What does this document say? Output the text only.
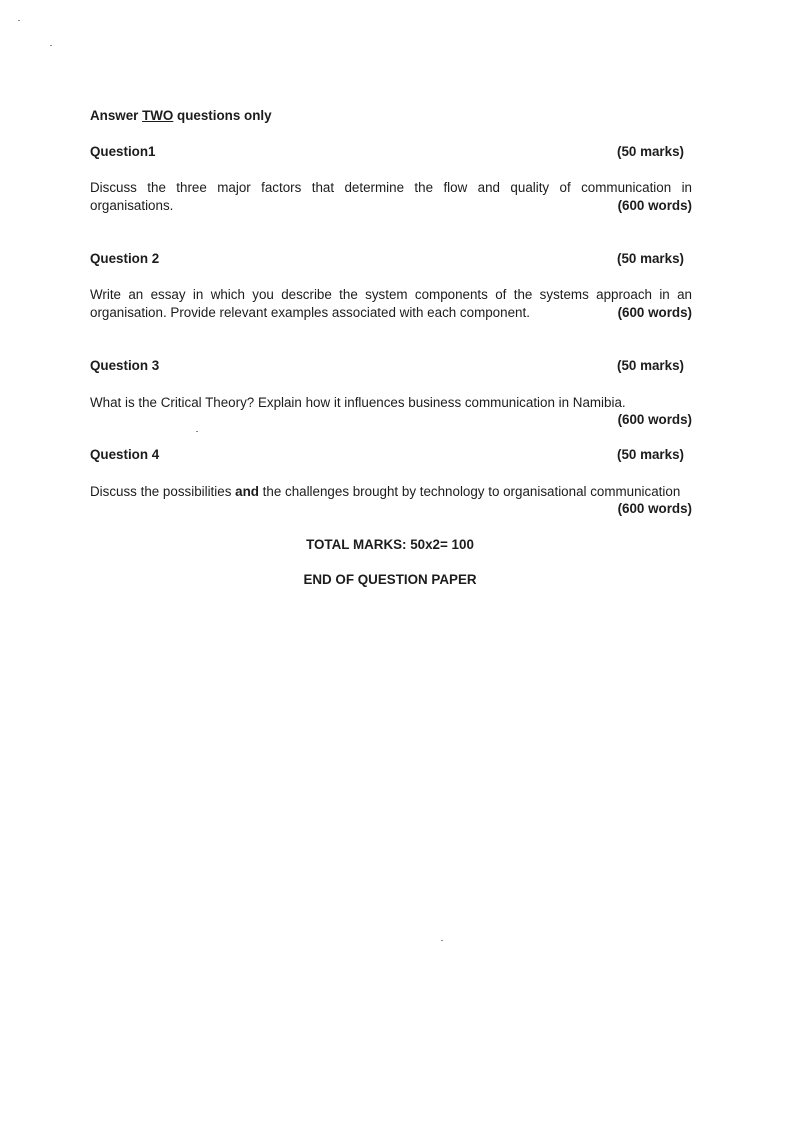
Answer TWO questions only
Question1	(50 marks)
Discuss the three major factors that determine the flow and quality of communication in organisations.	(600 words)
Question 2	(50 marks)
Write an essay in which you describe the system components of the systems approach in an organisation. Provide relevant examples associated with each component.	(600 words)
Question 3	(50 marks)
What is the Critical Theory? Explain how it influences business communication in Namibia.
(600 words)
Question 4	(50 marks)
Discuss the possibilities and the challenges brought by technology to organisational communication
(600 words)
TOTAL MARKS: 50x2= 100
END OF QUESTION PAPER
